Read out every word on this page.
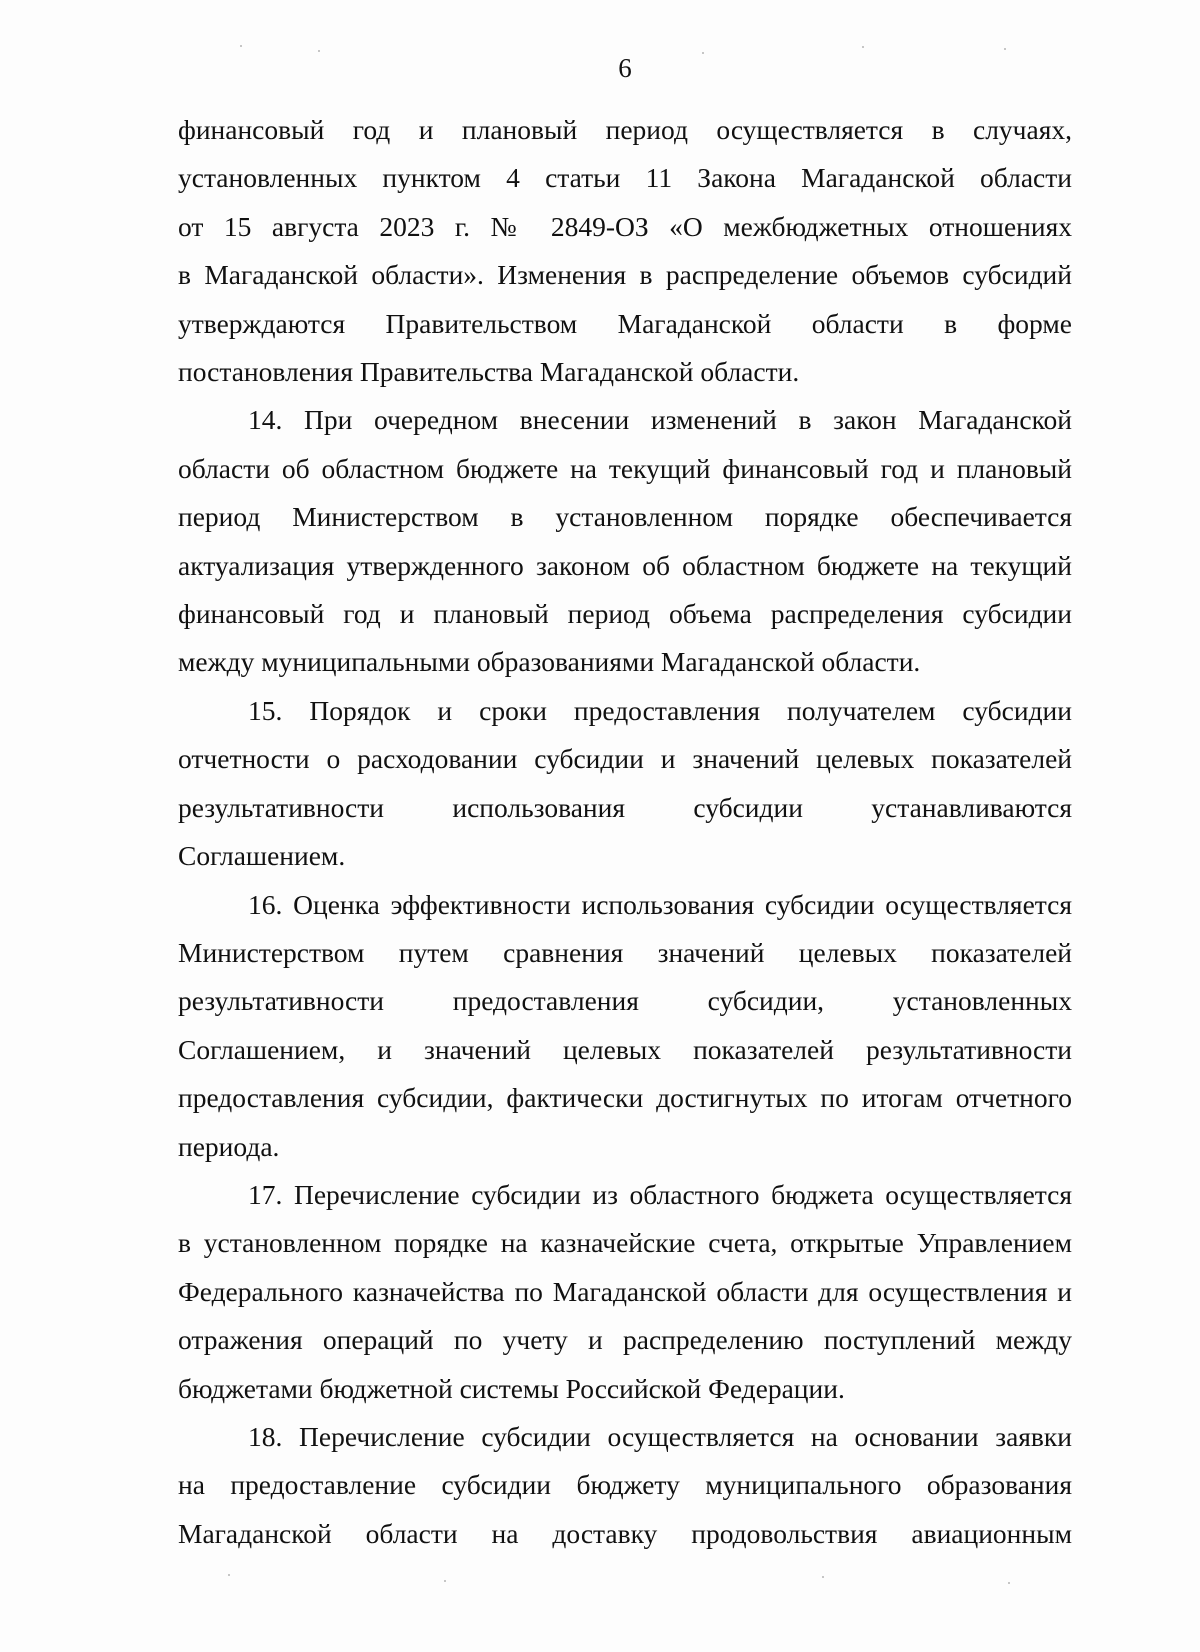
6

финансовый год и плановый период осуществляется в случаях,
установленных пунктом 4 статьи 11 Закона Магаданской области
от 15 августа 2023 г. № 2849-ОЗ «О межбюджетных отношениях
в Магаданской области». Изменения в распределение объемов субсидий
утверждаются Правительством Магаданской области в форме
постановления Правительства Магаданской области.

14. При очередном внесении изменений в закон Магаданской
области об областном бюджете на текущий финансовый год и плановый
период Министерством в установленном порядке обеспечивается
актуализация утвержденного законом об областном бюджете на текущий
финансовый год и плановый период объема распределения субсидии
между муниципальными образованиями Магаданской области.

15. Порядок и сроки предоставления получателем субсидии
отчетности о расходовании субсидии и значений целевых показателей
результативности использования субсидии устанавливаются
Соглашением.

16. Оценка эффективности использования субсидии осуществляется
Министерством путем сравнения значений целевых показателей
результативности предоставления субсидии, установленных
Соглашением, и значений целевых показателей результативности
предоставления субсидии, фактически достигнутых по итогам отчетного
периода.

17. Перечисление субсидии из областного бюджета осуществляется
в установленном порядке на казначейские счета, открытые Управлением
Федерального казначейства по Магаданской области для осуществления и
отражения операций по учету и распределению поступлений между
бюджетами бюджетной системы Российской Федерации.

18. Перечисление субсидии осуществляется на основании заявки
на предоставление субсидии бюджету муниципального образования
Магаданской области на доставку продовольствия авиационным
